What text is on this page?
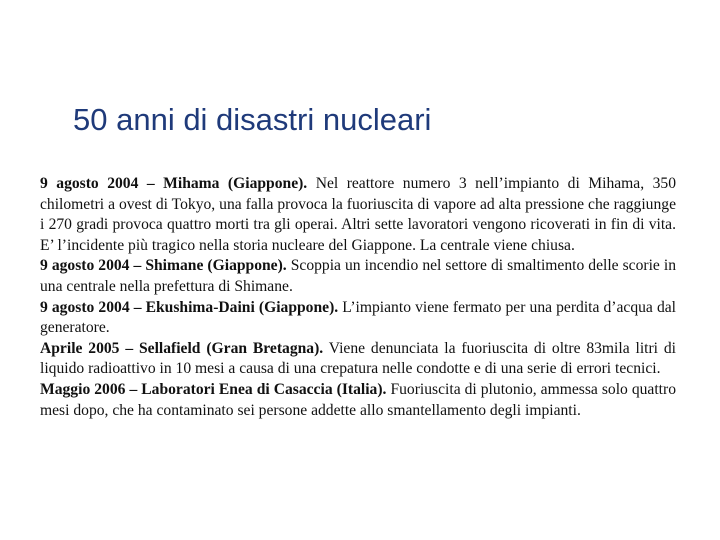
50 anni di disastri nucleari

9 agosto 2004 – Mihama (Giappone). Nel reattore numero 3 nell’impianto di Mihama, 350 chilometri a ovest di Tokyo, una falla provoca la fuoriuscita di vapore ad alta pressione che raggiunge i 270 gradi provoca quattro morti tra gli operai. Altri sette lavoratori vengono ricoverati in fin di vita. E’ l’incidente più tragico nella storia nucleare del Giappone. La centrale viene chiusa.

9 agosto 2004 – Shimane (Giappone). Scoppia un incendio nel settore di smaltimento delle scorie in una centrale nella prefettura di Shimane.

9 agosto 2004 – Ekushima-Daini (Giappone). L’impianto viene fermato per una perdita d’acqua dal generatore.

Aprile 2005 – Sellafield (Gran Bretagna). Viene denunciata la fuoriuscita di oltre 83mila litri di liquido radioattivo in 10 mesi a causa di una crepatura nelle condotte e di una serie di errori tecnici.

Maggio 2006 – Laboratori Enea di Casaccia (Italia). Fuoriuscita di plutonio, ammessa solo quattro mesi dopo, che ha contaminato sei persone addette allo smantellamento degli impianti.
